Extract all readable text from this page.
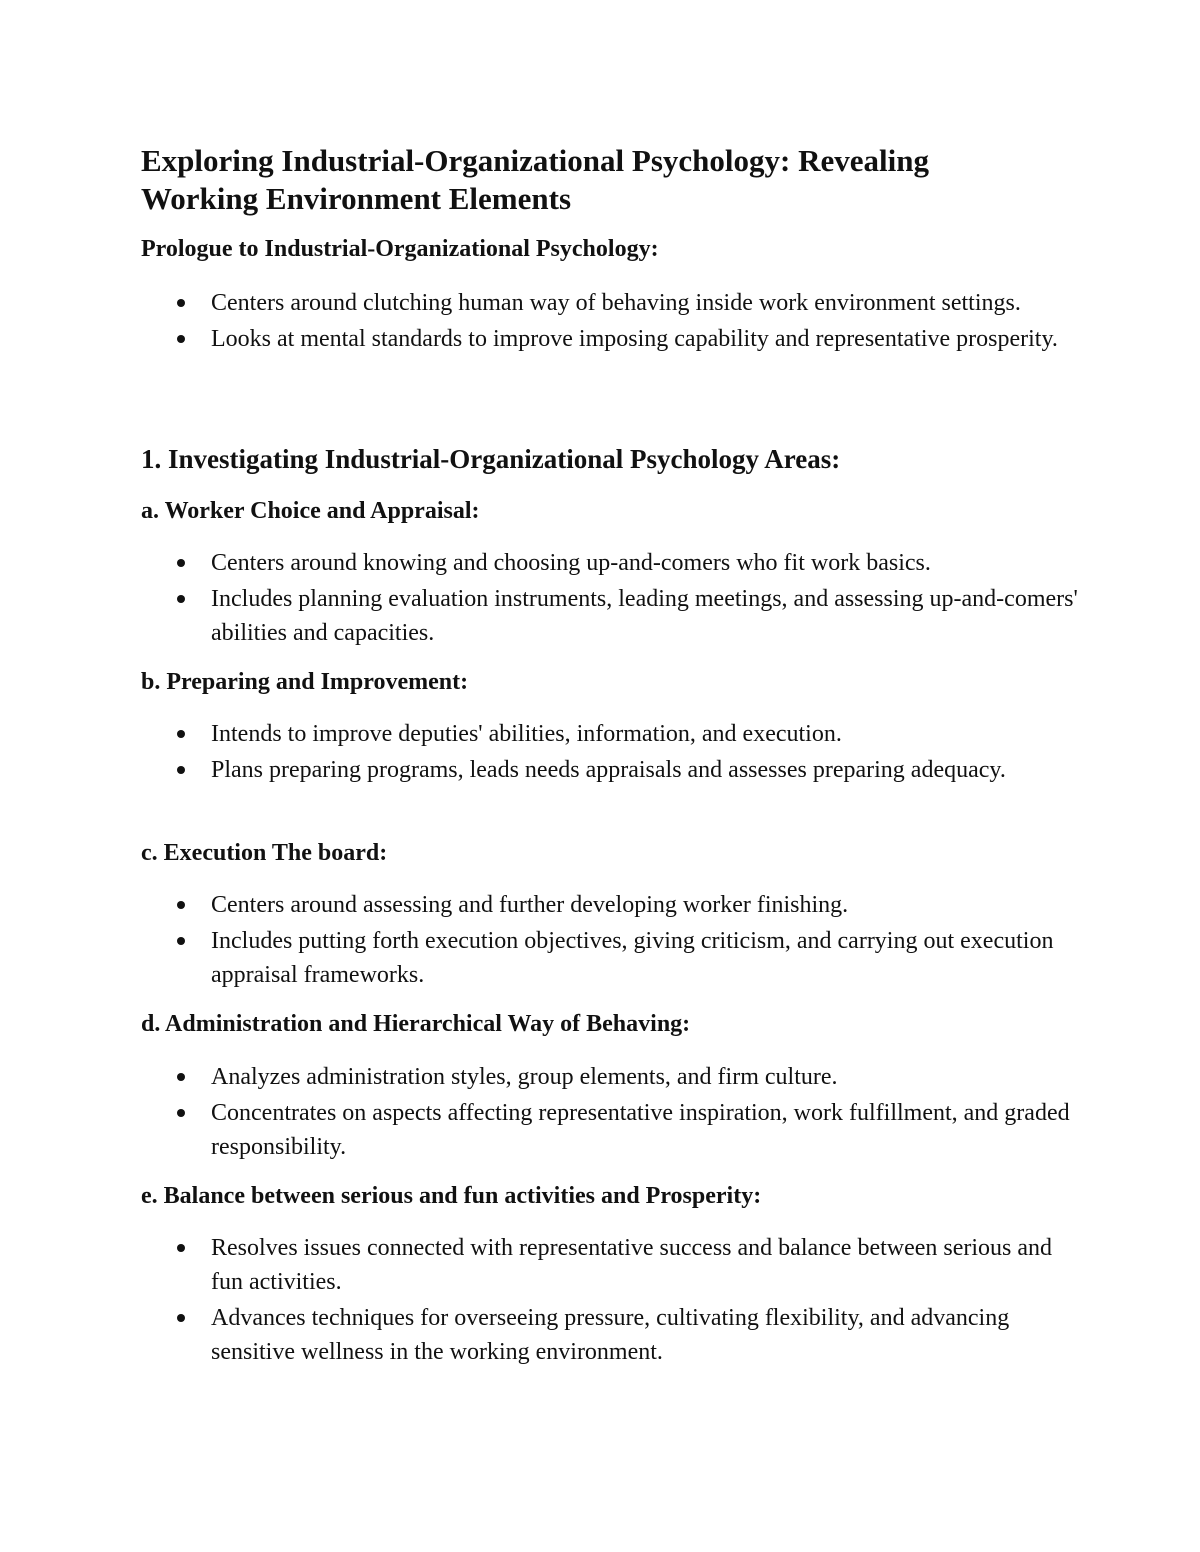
Exploring Industrial-Organizational Psychology: Revealing Working Environment Elements
Prologue to Industrial-Organizational Psychology:
Centers around clutching human way of behaving inside work environment settings.
Looks at mental standards to improve imposing capability and representative prosperity.
1. Investigating Industrial-Organizational Psychology Areas:
a. Worker Choice and Appraisal:
Centers around knowing and choosing up-and-comers who fit work basics.
Includes planning evaluation instruments, leading meetings, and assessing up-and-comers' abilities and capacities.
b. Preparing and Improvement:
Intends to improve deputies' abilities, information, and execution.
Plans preparing programs, leads needs appraisals and assesses preparing adequacy.
c. Execution The board:
Centers around assessing and further developing worker finishing.
Includes putting forth execution objectives, giving criticism, and carrying out execution appraisal frameworks.
d. Administration and Hierarchical Way of Behaving:
Analyzes administration styles, group elements, and firm culture.
Concentrates on aspects affecting representative inspiration, work fulfillment, and graded responsibility.
e. Balance between serious and fun activities and Prosperity:
Resolves issues connected with representative success and balance between serious and fun activities.
Advances techniques for overseeing pressure, cultivating flexibility, and advancing sensitive wellness in the working environment.
